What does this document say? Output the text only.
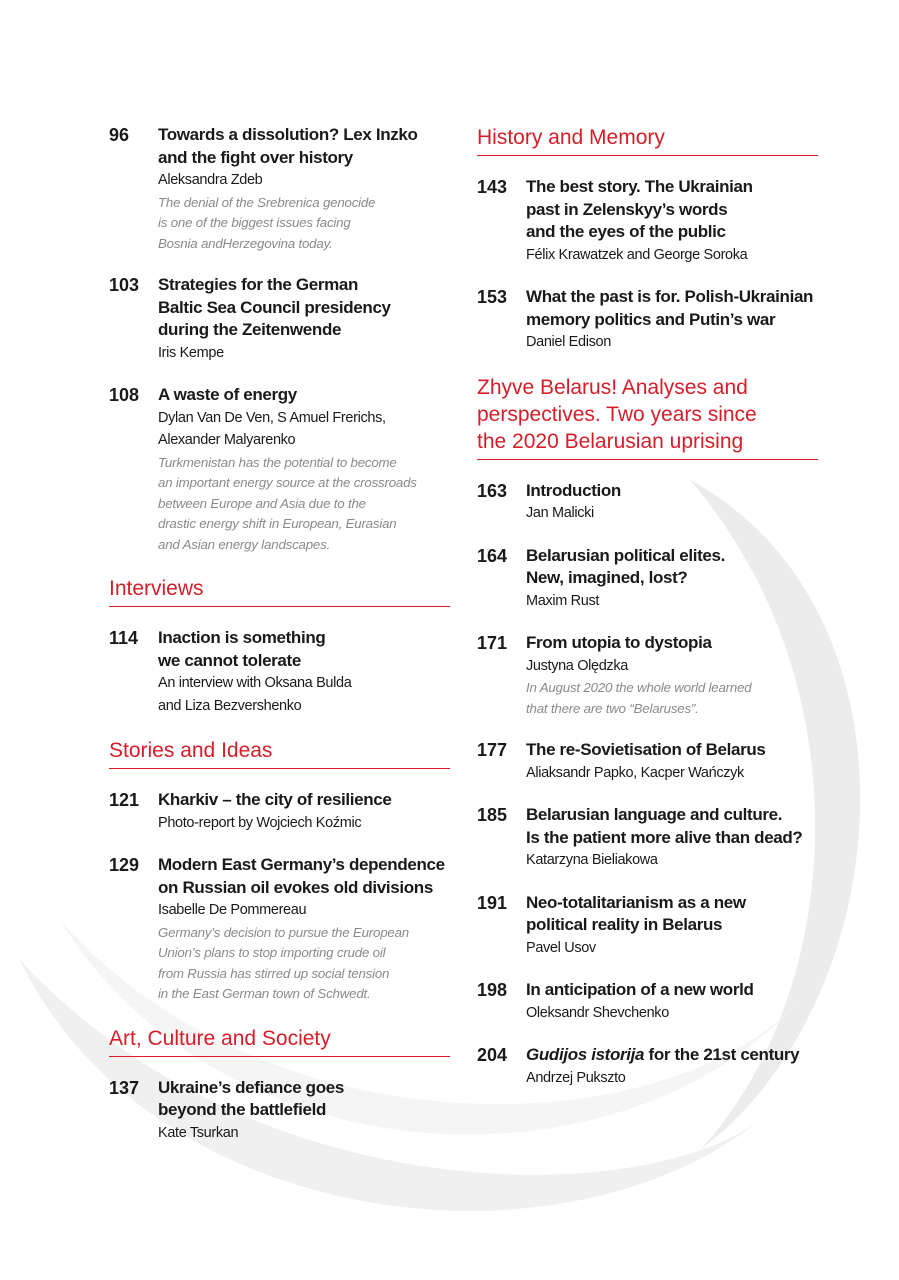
96	Towards a dissolution? Lex Inzko
and the fight over history
Aleksandra Zdeb
The denial of the Srebrenica genocide
is one of the biggest issues facing
Bosnia andHerzegovina today.
103	Strategies for the German
Baltic Sea Council presidency
during the Zeitenwende
Iris Kempe
108	A waste of energy
Dylan Van De Ven, S Amuel Frerichs,
Alexander Malyarenko
Turkmenistan has the potential to become
an important energy source at the crossroads
between Europe and Asia due to the
drastic energy shift in European, Eurasian
and Asian energy landscapes.
Interviews
114	Inaction is something
we cannot tolerate
An interview with Oksana Bulda
and Liza Bezvershenko
Stories and Ideas
121	Kharkiv – the city of resilience
Photo-report by Wojciech Koźmic
129	Modern East Germany’s dependence
on Russian oil evokes old divisions
Isabelle De Pommereau
Germany’s decision to pursue the European
Union’s plans to stop importing crude oil
from Russia has stirred up social tension
in the East German town of Schwedt.
Art, Culture and Society
137	Ukraine’s defiance goes
beyond the battlefield
Kate Tsurkan
History and Memory
143	The best story. The Ukrainian
past in Zelenskyy’s words
and the eyes of the public
Félix Krawatzek and George Soroka
153	What the past is for. Polish-Ukrainian
memory politics and Putin’s war
Daniel Edison
Zhyve Belarus! Analyses and
perspectives. Two years since
the 2020 Belarusian uprising
163	Introduction
Jan Malicki
164	Belarusian political elites.
New, imagined, lost?
Maxim Rust
171	From utopia to dystopia
Justyna Olędzka
In August 2020 the whole world learned
that there are two “Belaruses”.
177	The re-Sovietisation of Belarus
Aliaksandr Papko, Kacper Wańczyk
185	Belarusian language and culture.
Is the patient more alive than dead?
Katarzyna Bieliakowa
191	Neo-totalitarianism as a new
political reality in Belarus
Pavel Usov
198	In anticipation of a new world
Oleksandr Shevchenko
204	Gudijos istorija for the 21st century
Andrzej Pukszto
